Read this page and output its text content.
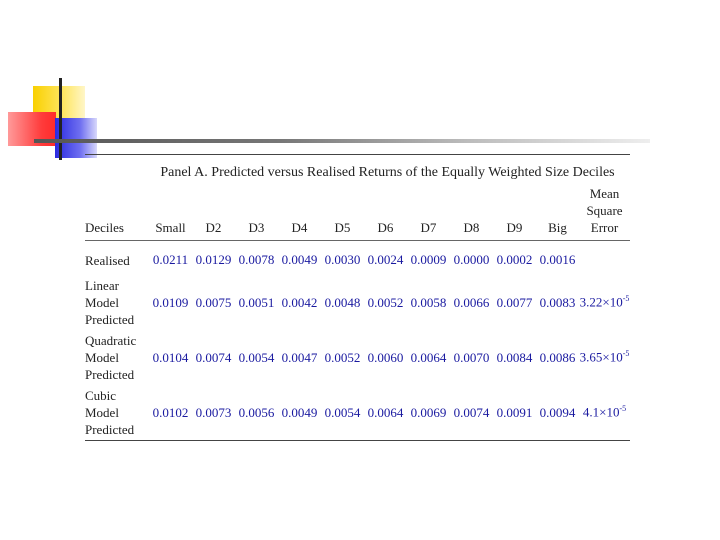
Panel A. Predicted versus Realised Returns of the Equally Weighted Size Deciles
Deciles	Small	D2	D3	D4	D5	D6	D7	D8	D9	Big	Mean
Square
Error

Realised	0.0211	0.0129	0.0078	0.0049	0.0030	0.0024	0.0009	0.0000	0.0002	0.0016	
Linear
Model
Predicted	0.0109	0.0075	0.0051	0.0042	0.0048	0.0052	0.0058	0.0066	0.0077	0.0083	$3.22\times 10^{-5}$
Quadratic
Model
Predicted	0.0104	0.0074	0.0054	0.0047	0.0052	0.0060	0.0064	0.0070	0.0084	0.0086	$3.65\times 10^{-5}$
Cubic
Model
Predicted	0.0102	0.0073	0.0056	0.0049	0.0054	0.0064	0.0069	0.0074	0.0091	0.0094	$4.1\times 10^{-5}$
